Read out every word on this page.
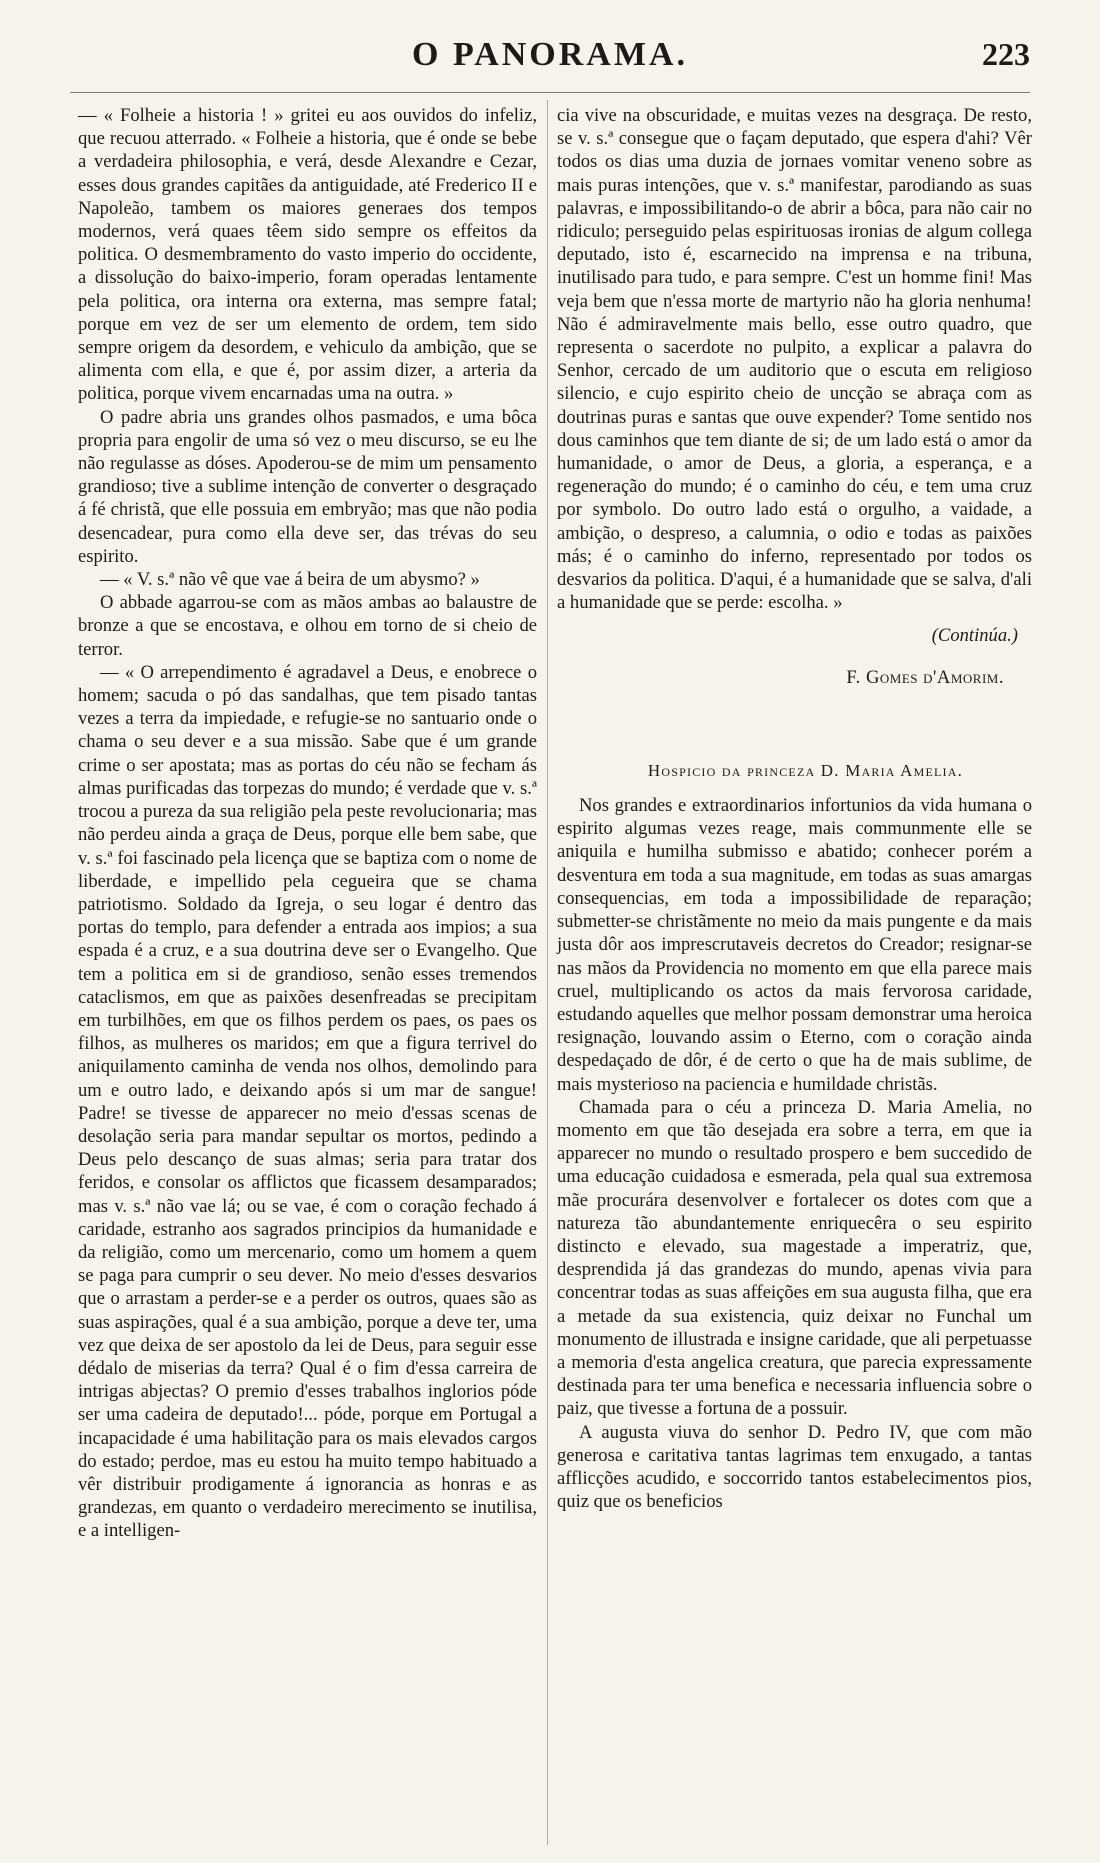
O PANORAMA.	223

— « Folheie a historia ! » gritei eu aos ouvidos do infeliz, que recuou atterrado. « Folheie a historia, que é onde se bebe a verdadeira philosophia, e verá, desde Alexandre e Cezar, esses dous grandes capitães da antiguidade, até Frederico II e Napoleão, tambem os maiores generaes dos tempos modernos, verá quaes têem sido sempre os effeitos da politica. O desmembramento do vasto imperio do occidente, a dissolução do baixo-imperio, foram operadas lentamente pela politica, ora interna ora externa, mas sempre fatal; porque em vez de ser um elemento de ordem, tem sido sempre origem da desordem, e vehiculo da ambição, que se alimenta com ella, e que é, por assim dizer, a arteria da politica, porque vivem encarnadas uma na outra. »

O padre abria uns grandes olhos pasmados, e uma bôca propria para engolir de uma só vez o meu discurso, se eu lhe não regulasse as dóses. Apoderou-se de mim um pensamento grandioso; tive a sublime intenção de converter o desgraçado á fé christã, que elle possuia em embryão; mas que não podia desencadear, pura como ella deve ser, das trévas do seu espirito.

— « V. s.ª não vê que vae á beira de um abysmo? »

O abbade agarrou-se com as mãos ambas ao balaustre de bronze a que se encostava, e olhou em torno de si cheio de terror.

— « O arrependimento é agradavel a Deus, e enobrece o homem; sacuda o pó das sandalhas, que tem pisado tantas vezes a terra da impiedade, e refugie-se no santuario onde o chama o seu dever e a sua missão. Sabe que é um grande crime o ser apostata; mas as portas do céu não se fecham ás almas purificadas das torpezas do mundo; é verdade que v. s.ª trocou a pureza da sua religião pela peste revolucionaria; mas não perdeu ainda a graça de Deus, porque elle bem sabe, que v. s.ª foi fascinado pela licença que se baptiza com o nome de liberdade, e impellido pela cegueira que se chama patriotismo. Soldado da Igreja, o seu logar é dentro das portas do templo, para defender a entrada aos impios; a sua espada é a cruz, e a sua doutrina deve ser o Evangelho. Que tem a politica em si de grandioso, senão esses tremendos cataclismos, em que as paixões desenfreadas se precipitam em turbilhões, em que os filhos perdem os paes, os paes os filhos, as mulheres os maridos; em que a figura terrivel do aniquilamento caminha de venda nos olhos, demolindo para um e outro lado, e deixando após si um mar de sangue! Padre! se tivesse de apparecer no meio d'essas scenas de desolação seria para mandar sepultar os mortos, pedindo a Deus pelo descanço de suas almas; seria para tratar dos feridos, e consolar os afflictos que ficassem desamparados; mas v. s.ª não vae lá; ou se vae, é com o coração fechado á caridade, estranho aos sagrados principios da humanidade e da religião, como um mercenario, como um homem a quem se paga para cumprir o seu dever. No meio d'esses desvarios que o arrastam a perder-se e a perder os outros, quaes são as suas aspirações, qual é a sua ambição, porque a deve ter, uma vez que deixa de ser apostolo da lei de Deus, para seguir esse dédalo de miserias da terra? Qual é o fim d'essa carreira de intrigas abjectas? O premio d'esses trabalhos inglorios póde ser uma cadeira de deputado!... póde, porque em Portugal a incapacidade é uma habilitação para os mais elevados cargos do estado; perdoe, mas eu estou ha muito tempo habituado a vêr distribuir prodigamente á ignorancia as honras e as grandezas, em quanto o verdadeiro merecimento se inutilisa, e a intelligen-

cia vive na obscuridade, e muitas vezes na desgraça. De resto, se v. s.ª consegue que o façam deputado, que espera d'ahi? Vêr todos os dias uma duzia de jornaes vomitar veneno sobre as mais puras intenções, que v. s.ª manifestar, parodiando as suas palavras, e impossibilitando-o de abrir a bôca, para não cair no ridiculo; perseguido pelas espirituosas ironias de algum collega deputado, isto é, escarnecido na imprensa e na tribuna, inutilisado para tudo, e para sempre. C'est un homme fini! Mas veja bem que n'essa morte de martyrio não ha gloria nenhuma! Não é admiravelmente mais bello, esse outro quadro, que representa o sacerdote no pulpito, a explicar a palavra do Senhor, cercado de um auditorio que o escuta em religioso silencio, e cujo espirito cheio de uncção se abraça com as doutrinas puras e santas que ouve expender? Tome sentido nos dous caminhos que tem diante de si; de um lado está o amor da humanidade, o amor de Deus, a gloria, a esperança, e a regeneração do mundo; é o caminho do céu, e tem uma cruz por symbolo. Do outro lado está o orgulho, a vaidade, a ambição, o despreso, a calumnia, o odio e todas as paixões más; é o caminho do inferno, representado por todos os desvarios da politica. D'aqui, é a humanidade que se salva, d'ali a humanidade que se perde: escolha. »

(Continúa.)

F. Gomes d'Amorim.

Hospicio da princeza D. Maria Amelia.

Nos grandes e extraordinarios infortunios da vida humana o espirito algumas vezes reage, mais communmente elle se aniquila e humilha submisso e abatido; conhecer porém a desventura em toda a sua magnitude, em todas as suas amargas consequencias, em toda a impossibilidade de reparação; submetter-se christãmente no meio da mais pungente e da mais justa dôr aos imprescrutaveis decretos do Creador; resignar-se nas mãos da Providencia no momento em que ella parece mais cruel, multiplicando os actos da mais fervorosa caridade, estudando aquelles que melhor possam demonstrar uma heroica resignação, louvando assim o Eterno, com o coração ainda despedaçado de dôr, é de certo o que ha de mais sublime, de mais mysterioso na paciencia e humildade christãs.

Chamada para o céu a princeza D. Maria Amelia, no momento em que tão desejada era sobre a terra, em que ia apparecer no mundo o resultado prospero e bem succedido de uma educação cuidadosa e esmerada, pela qual sua extremosa mãe procurára desenvolver e fortalecer os dotes com que a natureza tão abundantemente enriquecêra o seu espirito distincto e elevado, sua magestade a imperatriz, que, desprendida já das grandezas do mundo, apenas vivia para concentrar todas as suas affeições em sua augusta filha, que era a metade da sua existencia, quiz deixar no Funchal um monumento de illustrada e insigne caridade, que ali perpetuasse a memoria d'esta angelica creatura, que parecia expressamente destinada para ter uma benefica e necessaria influencia sobre o paiz, que tivesse a fortuna de a possuir.

A augusta viuva do senhor D. Pedro IV, que com mão generosa e caritativa tantas lagrimas tem enxugado, a tantas afflicções acudido, e soccorrido tantos estabelecimentos pios, quiz que os beneficios
